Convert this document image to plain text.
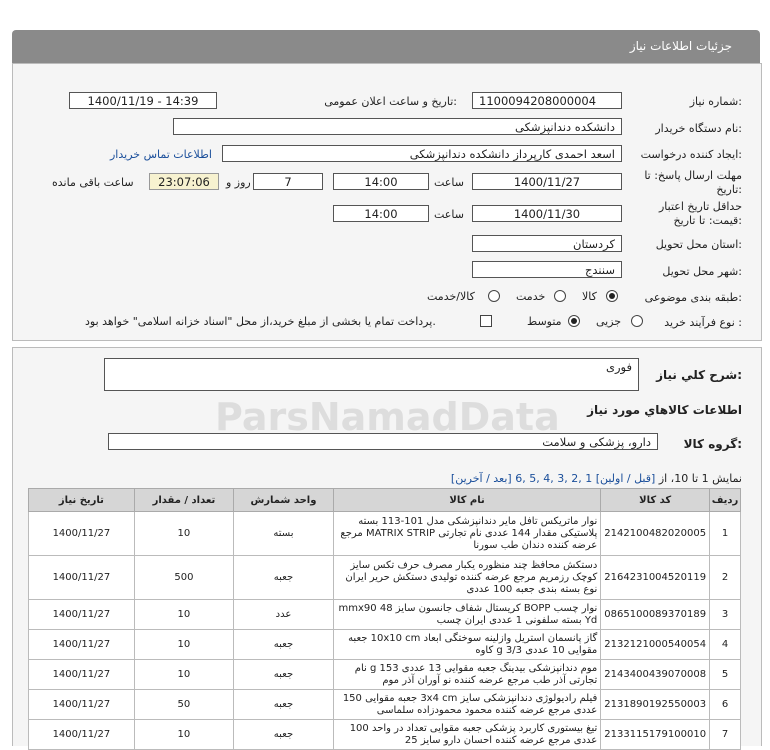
جزئيات اطلاعات نياز
شماره نياز:
1100094208000004
تاريخ و ساعت اعلان عمومی:
1400/11/19 - 14:39
نام دستگاه خريدار:
دانشکده دندانپزشکی
ايجاد کننده درخواست:
اسعد احمدی کارپرداز دانشکده دندانپزشکی
اطلاعات تماس خريدار
مهلت ارسال پاسخ: تا
تاريخ:
1400/11/27
ساعت
14:00
7
روز و
23:07:06
ساعت باقی مانده
حداقل تاريخ اعتبار
قيمت: تا تاريخ:
1400/11/30
ساعت
14:00
استان محل تحويل:
کردستان
شهر محل تحويل:
سنندج
طبقه بندی موضوعی:
کالا
خدمت
کالا/خدمت
نوع فرآيند خريد :
جزيی
متوسط
پرداخت تمام يا بخشی از مبلغ خريد،از محل "اسناد خزانه اسلامی" خواهد بود.
شرح کلي نياز:
فوری
اطلاعات کالاهاي مورد نياز
گروه کالا:
دارو، پزشکی و سلامت
نمايش 1 تا 10، از [قبل / اولين] 1 ,2 ,3 ,4 ,5 ,6 [بعد / آخرين]
رديف	کد کالا	نام کالا	واحد شمارش	تعداد / مقدار	تاريخ نياز
1	2142100482020005	نوار ماتريکس تافل ماير دندانپزشکی مدل 101-113 بسته پلاستيکی مقدار 144 عددی نام تجارتی MATRIX STRIP مرجع عرضه کننده دندان طب سورنا	بسته	10	1400/11/27
2	2164231004520119	دستکش محافظ چند منظوره يکبار مصرف حرف تکس سايز کوچک رزمريم مرجع عرضه کننده توليدی دستکش حرير ايران نوع بسته بندی جعبه 100 عددی	جعبه	500	1400/11/27
3	0865100089370189	نوار چسب BOPP کريستال شفاف جانسون سايز 48 mmx90 Yd بسته سلفونی 1 عددی ايران چسب	عدد	10	1400/11/27
4	2132121000540054	گاز پانسمان استريل وازلينه سوختگی ابعاد 10x10 cm جعبه مقوايی 10 عددی g 3/3 کاوه	جعبه	10	1400/11/27
5	2143400439070008	موم دندانپزشکی بيدينگ جعبه مقوايی 13 عددی g 153 نام تجارتی آذر طب مرجع عرضه کننده نو آوران آذر موم	جعبه	10	1400/11/27
6	2131890192550003	فيلم راديولوژی دندانپزشکی سايز 3x4 cm جعبه مقوايی 150 عددی مرجع عرضه کننده محمود محمودزاده سلماسی	جعبه	50	1400/11/27
7	2133115179100010	تيغ بيستوری کاربرد پزشکی جعبه مقوايی تعداد در واحد 100 عددی مرجع عرضه کننده احسان دارو سايز 25	جعبه	10	1400/11/27
ParsNamadData
